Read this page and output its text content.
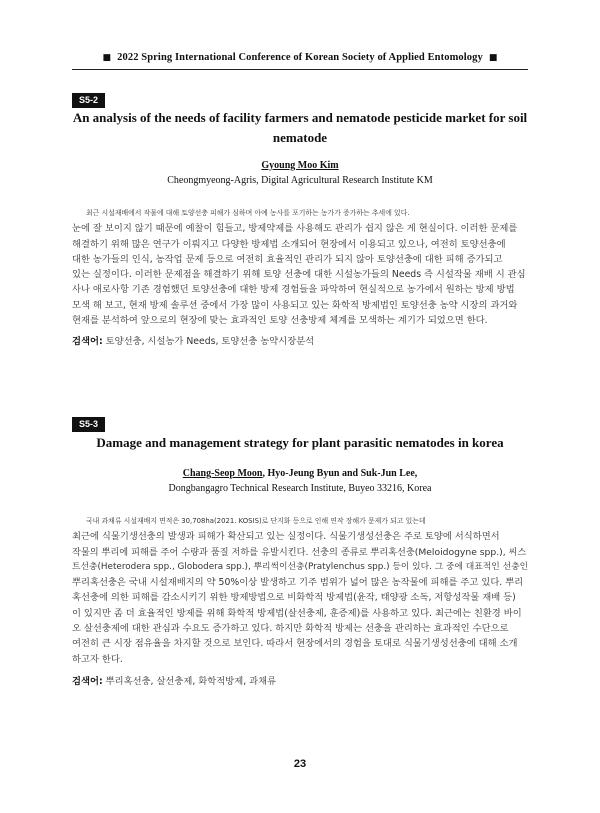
■ 2022 Spring International Conference of Korean Society of Applied Entomology ■
S5-2
An analysis of the needs of facility farmers and nematode pesticide market for soil
nematode
Gyoung Moo Kim
Cheongmyeong-Agris, Digital Agricultural Research Institute KM

최근 시설재배에서 작물에 대해 토양선충 피해가 심하며 아예 농사를 포기하는 농가가 증가하는 추세에 있다.
눈에 잘 보이지 않기 때문에 예찰이 힘들고, 방제약제를 사용해도 관리가 쉽지 않은 게 현실이다. 이러한 문제를
해결하기 위해 많은 연구가 이뤄지고 다양한 방제법 소개되어 현장에서 이용되고 있으나, 여전히 토양선충에
대한 농가들의 인식, 농작업 문제 등으로 여전히 효율적인 관리가 되지 않아 토양선충에 대한 피해 증가되고
있는 실정이다. 이러한 문제점을 해결하기 위해 토양 선충에 대한 시설농가들의 Needs 즉 시설작물 재배 시 관심
사나 애로사항 기존 경험했던 토양선충에 대한 방제 경험들을 파악하여 현실적으로 농가에서 원하는 방제 방법
모색 해 보고, 현재 방제 솔루션 중에서 가장 많이 사용되고 있는 화학적 방제법인 토양선충 농약 시장의 과거와
현재를 분석하여 앞으로의 현장에 맞는 효과적인 토양 선충방제 체계를 모색하는 계기가 되었으면 한다.

검색어: 토양선충, 시설농가 Needs, 토양선충 농약시장분석
S5-3
Damage and management strategy for plant parasitic nematodes in korea
Chang-Seop Moon, Hyo-Jeung Byun and Suk-Jun Lee,
Dongbangagro Technical Research Institute, Buyeo 33216, Korea

국내 과채류 시설재배지 면적은 30,708ha(2021. KOSIS)로 단지화 등으로 인해 연작 장해가 문제가 되고 있는데
최근에 식물기생선충의 발생과 피해가 확산되고 있는 실정이다. 식물기생성선충은 주로 토양에 서식하면서
작물의 뿌리에 피해를 주어 수량과 품질 저하를 유발시킨다. 선충의 종류로 뿌리혹선충(Meloidogyne spp.), 씨스
트선충(Heterodera spp., Globodera spp.), 뿌리썩이선충(Pratylenchus spp.) 등이 있다. 그 중에 대표적인 선충인
뿌리혹선충은 국내 시설재배지의 약 50%이상 발생하고 기주 범위가 넓어 많은 농작물에 피해를 주고 있다. 뿌리
혹선충에 의한 피해를 감소시키기 위한 방제방법으로 비화학적 방제법(윤작, 태양광 소독, 저항성작물 재배 등)
이 있지만 좀 더 효율적인 방제를 위해 화학적 방제법(살선충제, 훈증제)를 사용하고 있다. 최근에는 친환경 바이
오 살선충제에 대한 관심과 수요도 증가하고 있다. 하지만 화학적 방제는 선충을 관리하는 효과적인 수단으로
여전히 큰 시장 점유율을 차지할 것으로 보인다. 따라서 현장에서의 경험을 토대로 식물기생성선충에 대해 소개
하고자 한다.

검색어: 뿌리혹선충, 살선충제, 화학적방제, 과채류
23
